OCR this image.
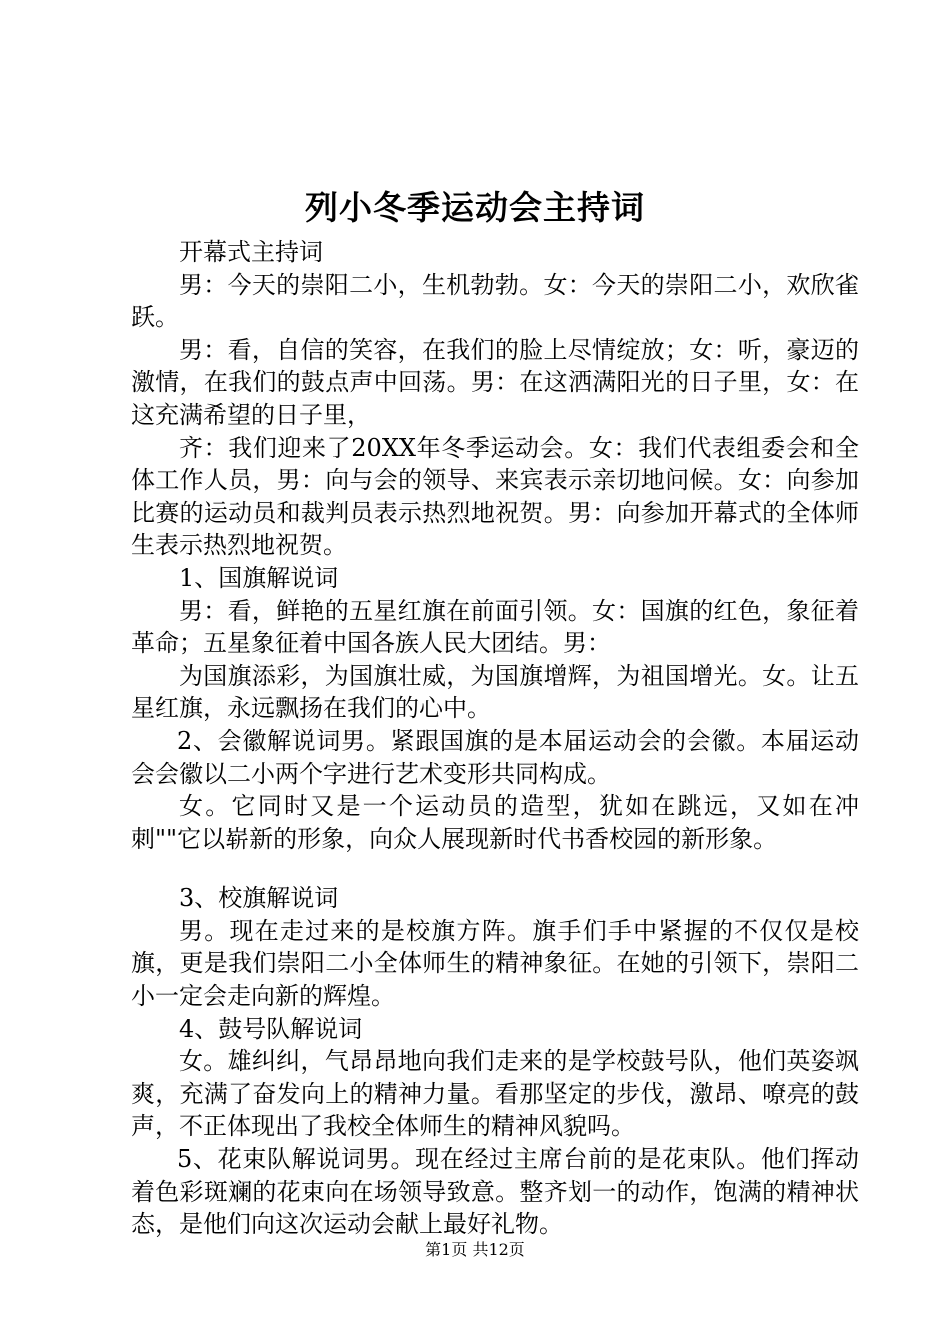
列小冬季运动会主持词

开幕式主持词

男：今天的崇阳二小，生机勃勃。女：今天的崇阳二小，欢欣雀跃。

男：看，自信的笑容，在我们的脸上尽情绽放；女：听，豪迈的激情，在我们的鼓点声中回荡。男：在这洒满阳光的日子里，女：在这充满希望的日子里，

齐：我们迎来了20XX年冬季运动会。女：我们代表组委会和全体工作人员，男：向与会的领导、来宾表示亲切地问候。女：向参加比赛的运动员和裁判员表示热烈地祝贺。男：向参加开幕式的全体师生表示热烈地祝贺。

1、国旗解说词

男：看，鲜艳的五星红旗在前面引领。女：国旗的红色，象征着革命；五星象征着中国各族人民大团结。男：

为国旗添彩，为国旗壮威，为国旗增辉，为祖国增光。女。让五星红旗，永远飘扬在我们的心中。

2、会徽解说词男。紧跟国旗的是本届运动会的会徽。本届运动会会徽以二小两个字进行艺术变形共同构成。

女。它同时又是一个运动员的造型，犹如在跳远，又如在冲刺""它以崭新的形象，向众人展现新时代书香校园的新形象。

3、校旗解说词

男。现在走过来的是校旗方阵。旗手们手中紧握的不仅仅是校旗，更是我们崇阳二小全体师生的精神象征。在她的引领下，崇阳二小一定会走向新的辉煌。

4、鼓号队解说词

女。雄纠纠，气昂昂地向我们走来的是学校鼓号队，他们英姿飒爽，充满了奋发向上的精神力量。看那坚定的步伐，激昂、嘹亮的鼓声，不正体现出了我校全体师生的精神风貌吗。

5、花束队解说词男。现在经过主席台前的是花束队。他们挥动着色彩斑斓的花束向在场领导致意。整齐划一的动作，饱满的精神状态，是他们向这次运动会献上最好礼物。

第1页 共12页
